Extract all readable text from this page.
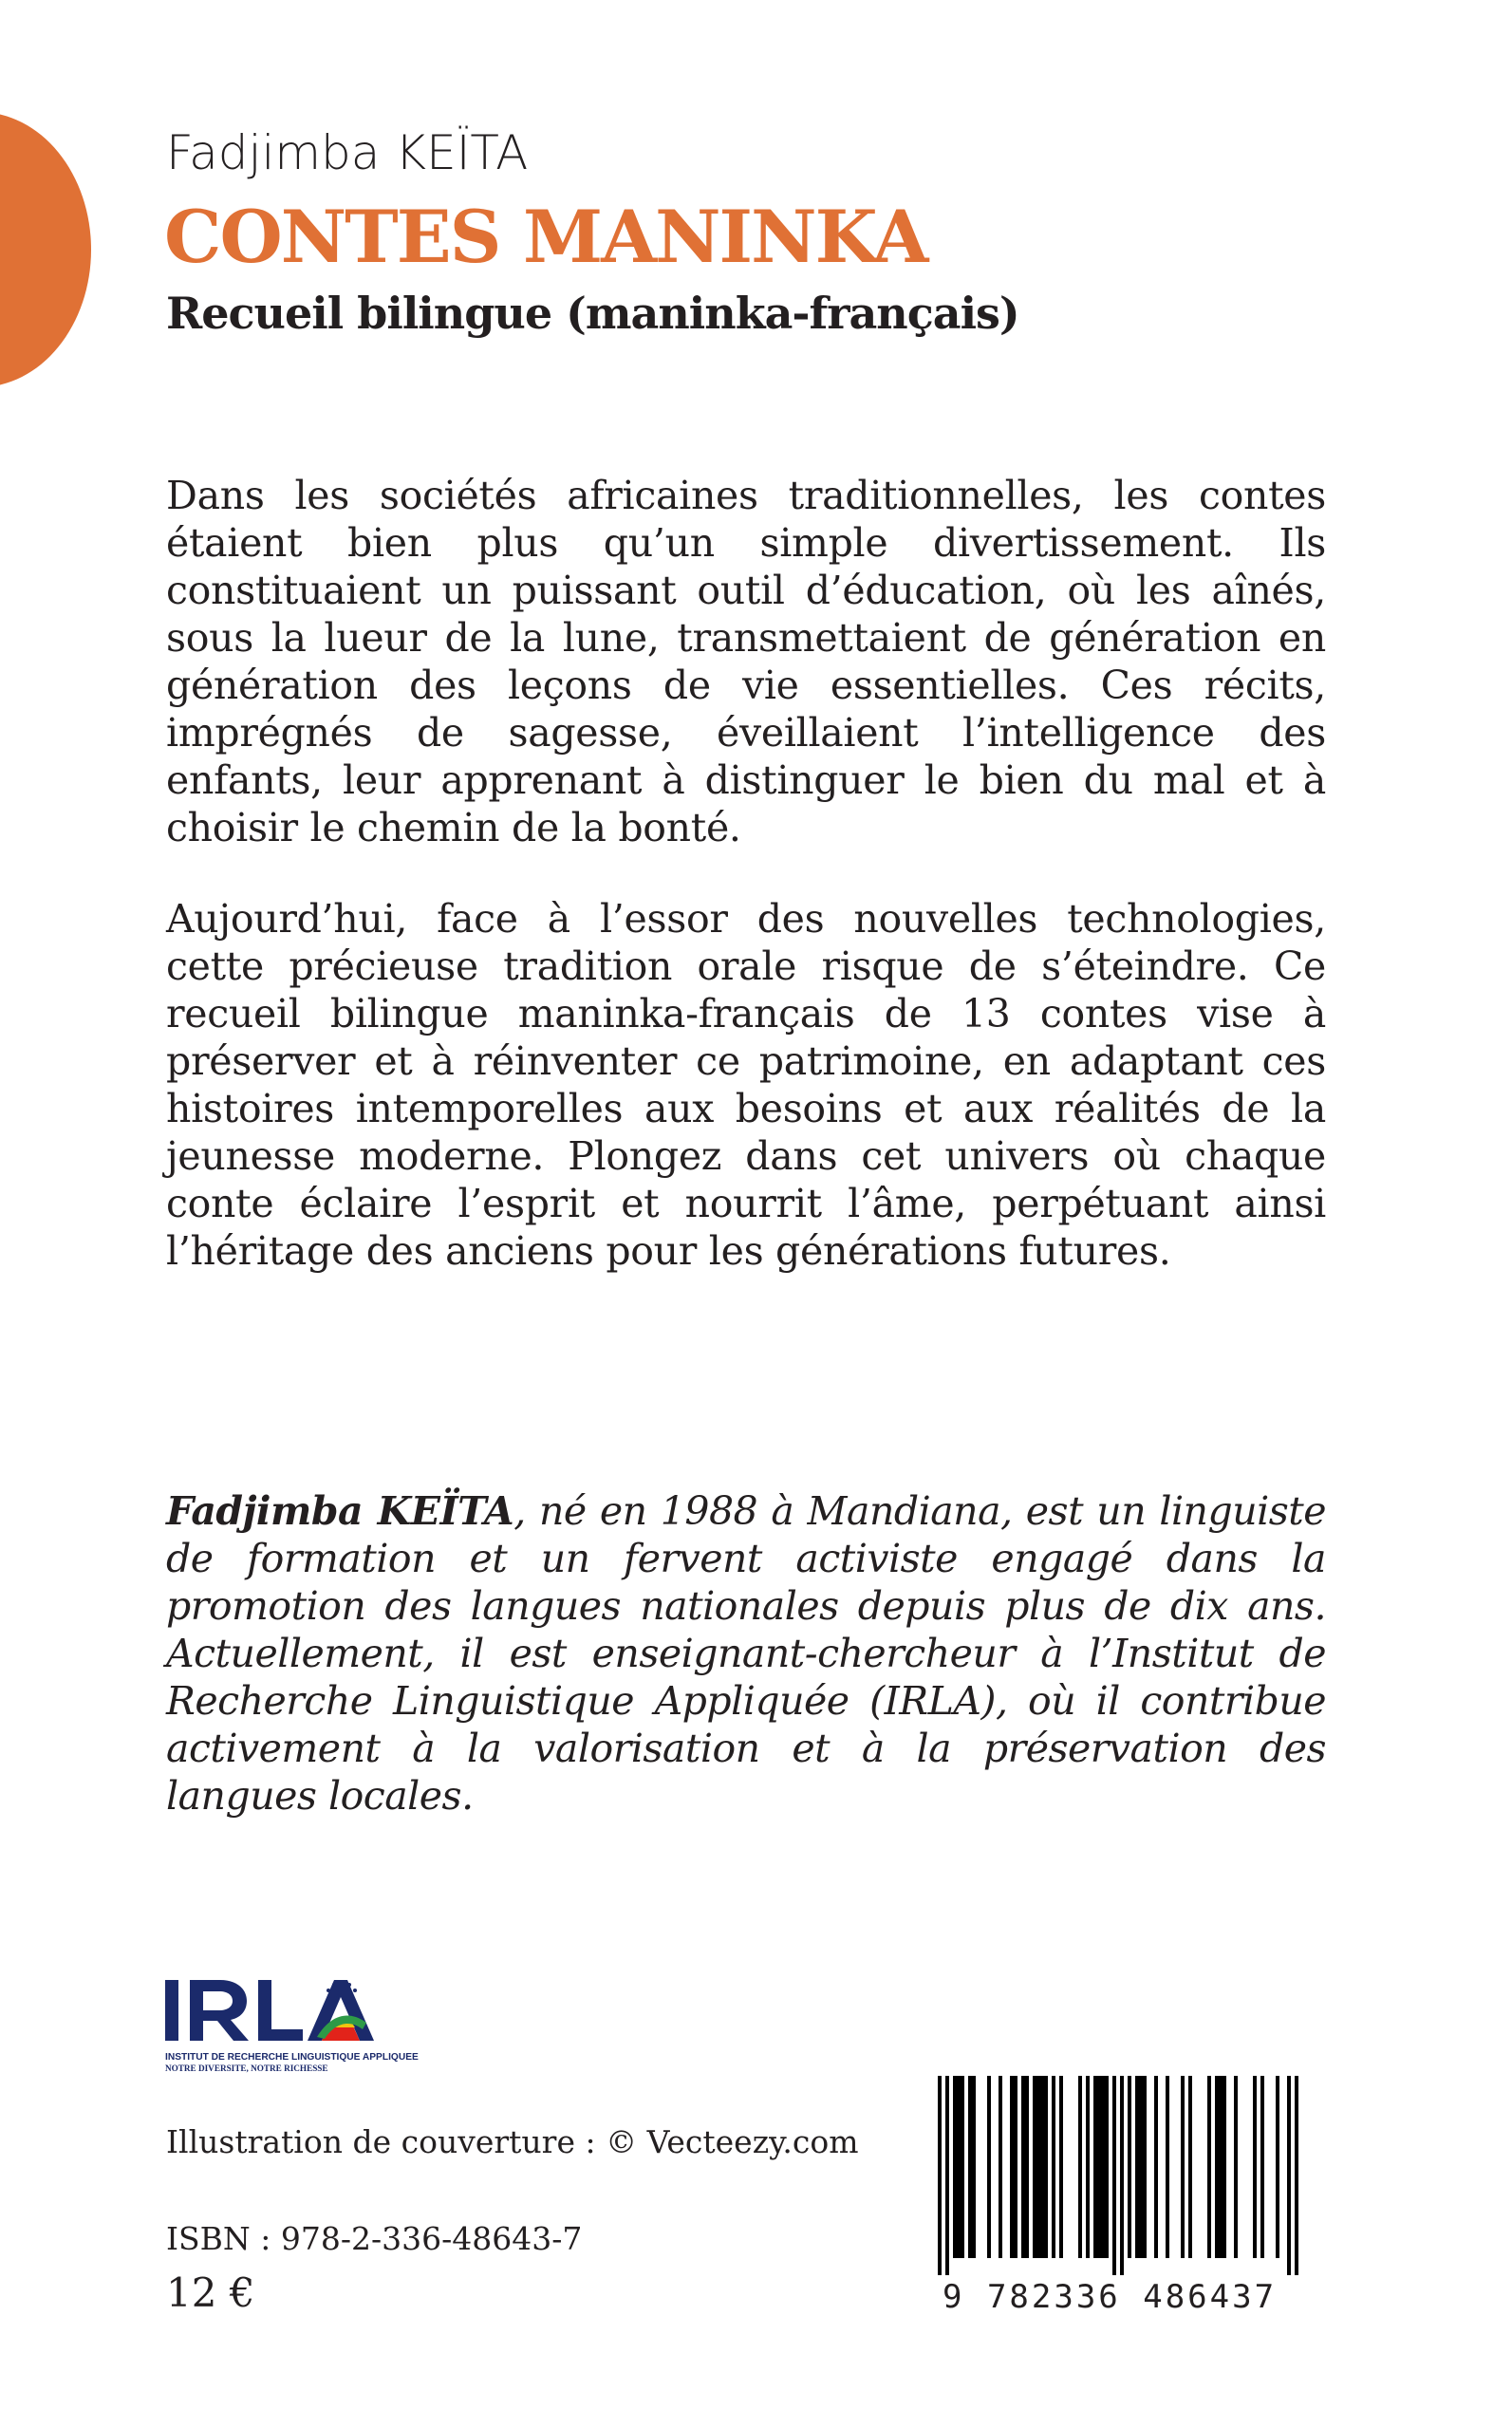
Fadjimba KEÏTA
CONTES MANINKA
Recueil bilingue (maninka-français)

Dans les sociétés africaines traditionnelles, les contes étaient bien plus qu’un simple divertissement. Ils constituaient un puissant outil d’éducation, où les aînés, sous la lueur de la lune, transmettaient de génération en génération des leçons de vie essentielles. Ces récits, imprégnés de sagesse, éveillaient l’intelligence des enfants, leur apprenant à distinguer le bien du mal et à choisir le chemin de la bonté.

Aujourd’hui, face à l’essor des nouvelles technologies, cette précieuse tradition orale risque de s’éteindre. Ce recueil bilingue maninka-français de 13 contes vise à préserver et à réinventer ce patrimoine, en adaptant ces histoires intemporelles aux besoins et aux réalités de la jeunesse moderne. Plongez dans cet univers où chaque conte éclaire l’esprit et nourrit l’âme, perpétuant ainsi l’héritage des anciens pour les générations futures.

Fadjimba KEÏTA, né en 1988 à Mandiana, est un linguiste de formation et un fervent activiste engagé dans la promotion des langues nationales depuis plus de dix ans. Actuellement, il est enseignant-chercheur à l’Institut de Recherche Linguistique Appliquée (IRLA), où il contribue activement à la valorisation et à la préservation des langues locales.

INSTITUT DE RECHERCHE LINGUISTIQUE APPLIQUEE
NOTRE DIVERSITE, NOTRE RICHESSE
Illustration de couverture : © Vecteezy.com
ISBN : 978-2-336-48643-7
12 €	9 782336 486437
